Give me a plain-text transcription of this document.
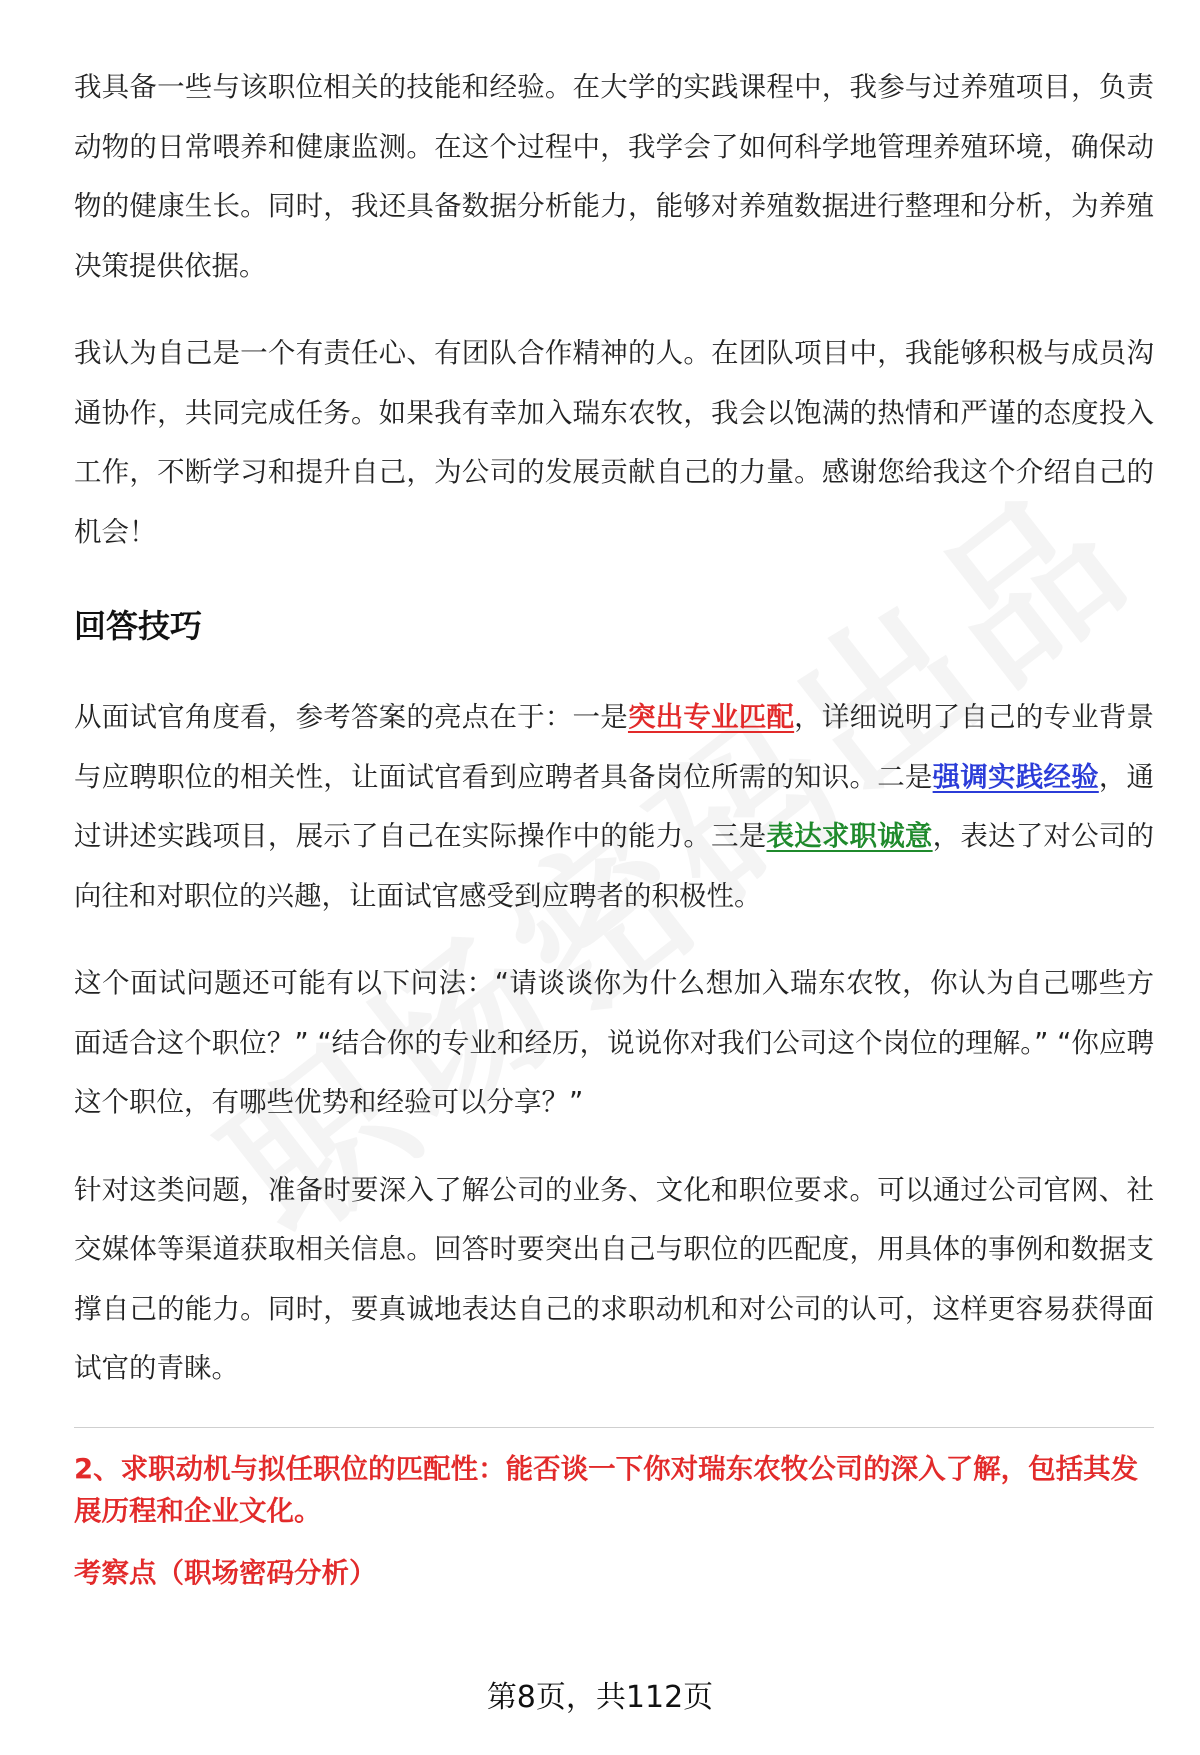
我具备一些与该职位相关的技能和经验。在大学的实践课程中，我参与过养殖项目，负责动物的日常喂养和健康监测。在这个过程中，我学会了如何科学地管理养殖环境，确保动物的健康生长。同时，我还具备数据分析能力，能够对养殖数据进行整理和分析，为养殖决策提供依据。

我认为自己是一个有责任心、有团队合作精神的人。在团队项目中，我能够积极与成员沟通协作，共同完成任务。如果我有幸加入瑞东农牧，我会以饱满的热情和严谨的态度投入工作，不断学习和提升自己，为公司的发展贡献自己的力量。感谢您给我这个介绍自己的机会！

回答技巧

从面试官角度看，参考答案的亮点在于：一是突出专业匹配，详细说明了自己的专业背景与应聘职位的相关性，让面试官看到应聘者具备岗位所需的知识。二是强调实践经验，通过讲述实践项目，展示了自己在实际操作中的能力。三是表达求职诚意，表达了对公司的向往和对职位的兴趣，让面试官感受到应聘者的积极性。

这个面试问题还可能有以下问法：“请谈谈你为什么想加入瑞东农牧，你认为自己哪些方面适合这个职位？” “结合你的专业和经历，说说你对我们公司这个岗位的理解。” “你应聘这个职位，有哪些优势和经验可以分享？”

针对这类问题，准备时要深入了解公司的业务、文化和职位要求。可以通过公司官网、社交媒体等渠道获取相关信息。回答时要突出自己与职位的匹配度，用具体的事例和数据支撑自己的能力。同时，要真诚地表达自己的求职动机和对公司的认可，这样更容易获得面试官的青睐。

2、求职动机与拟任职位的匹配性：能否谈一下你对瑞东农牧公司的深入了解，包括其发展历程和企业文化。
考察点（职场密码分析）
第8页，共112页
